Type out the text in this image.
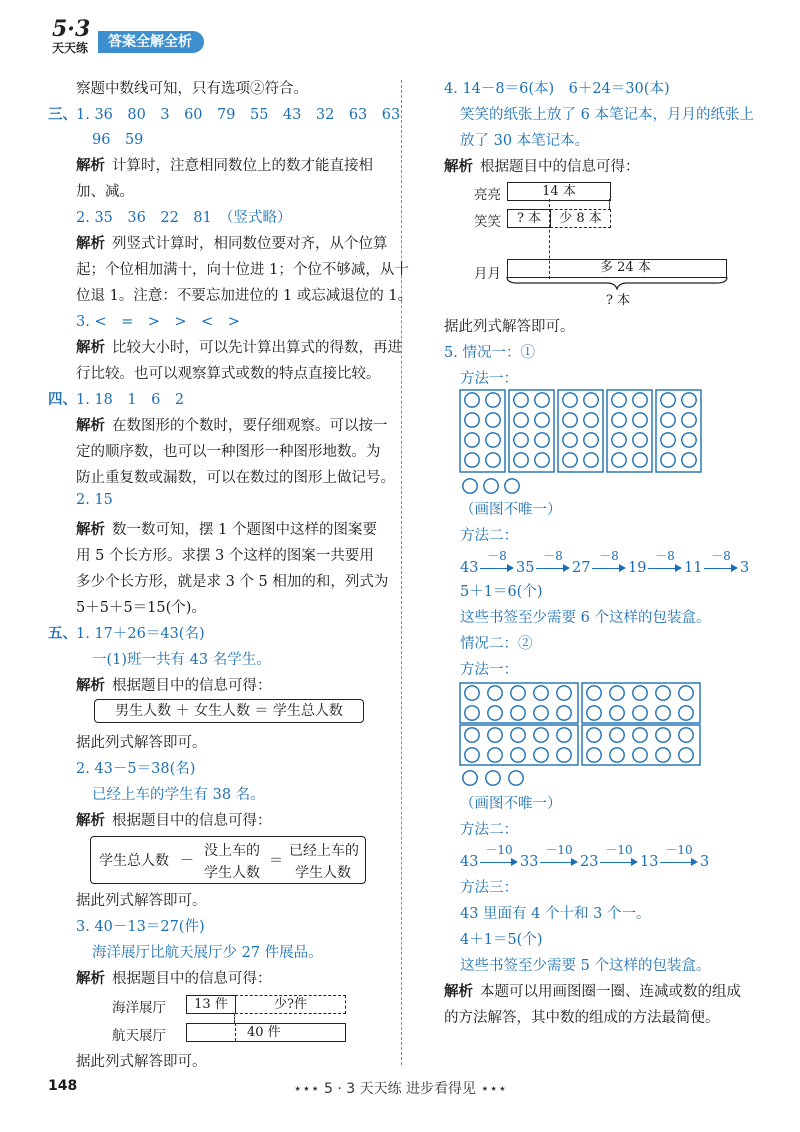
5·3
天天练	答案全解全析
察题中数线可知，只有选项②符合。
三、 1. 36　80　3　60　79　55　43　32　63　63
96　59
解析 计算时，注意相同数位上的数才能直接相
加、减。
2. 35　36　22　81　（竖式略）
解析 列竖式计算时，相同数位要对齐，从个位算
起；个位相加满十，向十位进 1；个位不够减，从十
位退 1。注意：不要忘加进位的 1 或忘减退位的 1。
3. <　=　>　>　<　>
解析 比较大小时，可以先计算出算式的得数，再进
行比较。也可以观察算式或数的特点直接比较。
四、 1. 18　1　6　2
解析 在数图形的个数时，要仔细观察。可以按一
定的顺序数，也可以一种图形一种图形地数。为
防止重复数或漏数，可以在数过的图形上做记号。
2. 15
解析 数一数可知，摆 1 个题图中这样的图案要
用 5 个长方形。求摆 3 个这样的图案一共要用
多少个长方形，就是求 3 个 5 相加的和，列式为
5＋5＋5＝15(个)。
五、 1. 17＋26＝43(名)
一(1)班一共有 43 名学生。
解析 根据题目中的信息可得：
男生人数 ＋ 女生人数 ＝ 学生总人数
据此列式解答即可。
2. 43－5＝38(名)
已经上车的学生有 38 名。
解析 根据题目中的信息可得：
学生总人数 －
没上车的
学生人数
＝
已经上车的
学生人数
据此列式解答即可。
3. 40－13＝27(件)
海洋展厅比航天展厅少 27 件展品。
解析 根据题目中的信息可得：
海洋展厅	13 件	少?件
航天展厅	40 件
据此列式解答即可。
4. 14－8＝6(本)　6＋24＝30(本)
笑笑的纸张上放了 6 本笔记本，月月的纸张上
放了 30 本笔记本。
解析 根据题目中的信息可得：
亮亮	14 本
笑笑	? 本	少 8 本
月月	多 24 本
? 本
据此列式解答即可。
5. 情况一：①
方法一：
（画图不唯一）
方法二：
43
－8
35
－8
27
－8
19
－8
11
－8
3
5＋1＝6(个)
这些书签至少需要 6 个这样的包装盒。
情况二：②
方法一：
（画图不唯一）
方法二：
43
－10
33
－10
23
－10
13
－10
3
方法三：
43 里面有 4 个十和 3 个一。
4＋1＝5(个)
这些书签至少需要 5 个这样的包装盒。
解析 本题可以用画图圈一圈、连减或数的组成
的方法解答，其中数的组成的方法最简便。
148	⋆⋆⋆ 5 · 3 天天练 进步看得见 ⋆⋆⋆
